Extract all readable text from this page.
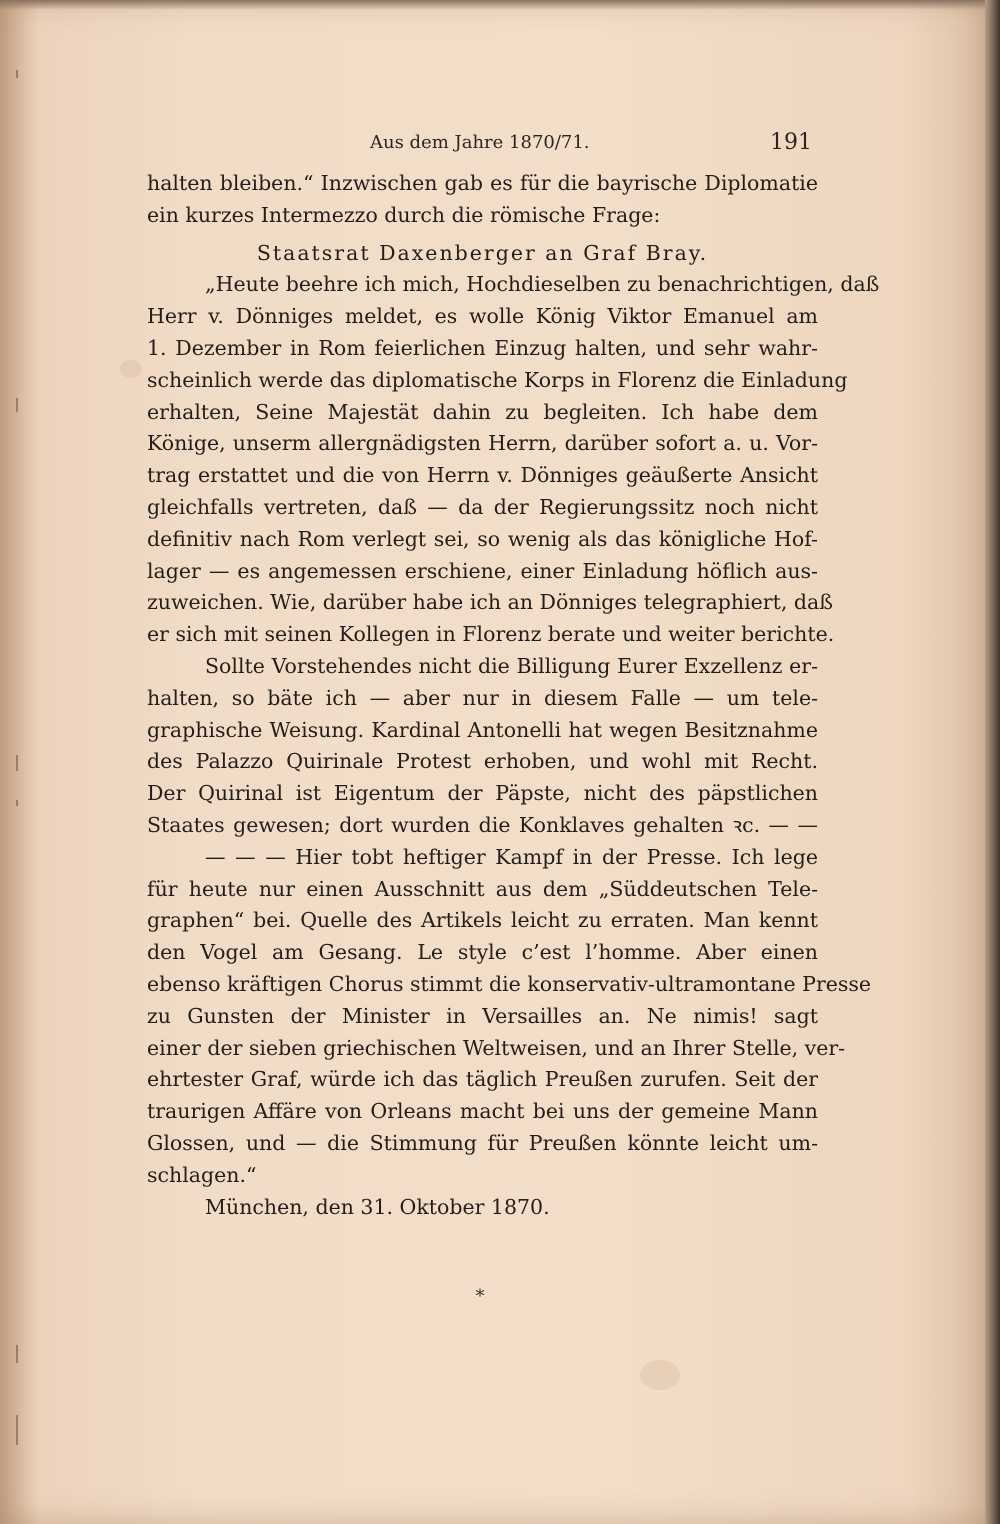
Aus dem Jahre 1870/71.	191
halten bleiben.“ Inzwischen gab es für die bayrische Diplomatie
ein kurzes Intermezzo durch die römische Frage:
Staatsrat Daxenberger an Graf Bray.
„Heute beehre ich mich, Hochdieselben zu benachrichtigen, daß
Herr v. Dönniges meldet, es wolle König Viktor Emanuel am
1. Dezember in Rom feierlichen Einzug halten, und sehr wahr-
scheinlich werde das diplomatische Korps in Florenz die Einladung
erhalten, Seine Majestät dahin zu begleiten. Ich habe dem
Könige, unserm allergnädigsten Herrn, darüber sofort a. u. Vor-
trag erstattet und die von Herrn v. Dönniges geäußerte Ansicht
gleichfalls vertreten, daß — da der Regierungssitz noch nicht
definitiv nach Rom verlegt sei, so wenig als das königliche Hof-
lager — es angemessen erschiene, einer Einladung höflich aus-
zuweichen. Wie, darüber habe ich an Dönniges telegraphiert, daß
er sich mit seinen Kollegen in Florenz berate und weiter berichte.
Sollte Vorstehendes nicht die Billigung Eurer Exzellenz er-
halten, so bäte ich — aber nur in diesem Falle — um tele-
graphische Weisung. Kardinal Antonelli hat wegen Besitznahme
des Palazzo Quirinale Protest erhoben, und wohl mit Recht.
Der Quirinal ist Eigentum der Päpste, nicht des päpstlichen
Staates gewesen; dort wurden die Konklaves gehalten ꝛc. — —
— — — Hier tobt heftiger Kampf in der Presse. Ich lege
für heute nur einen Ausschnitt aus dem „Süddeutschen Tele-
graphen“ bei. Quelle des Artikels leicht zu erraten. Man kennt
den Vogel am Gesang. Le style c’est l’homme. Aber einen
ebenso kräftigen Chorus stimmt die konservativ-ultramontane Presse
zu Gunsten der Minister in Versailles an. Ne nimis! sagt
einer der sieben griechischen Weltweisen, und an Ihrer Stelle, ver-
ehrtester Graf, würde ich das täglich Preußen zurufen. Seit der
traurigen Affäre von Orleans macht bei uns der gemeine Mann
Glossen, und — die Stimmung für Preußen könnte leicht um-
schlagen.“
München, den 31. Oktober 1870.
*
